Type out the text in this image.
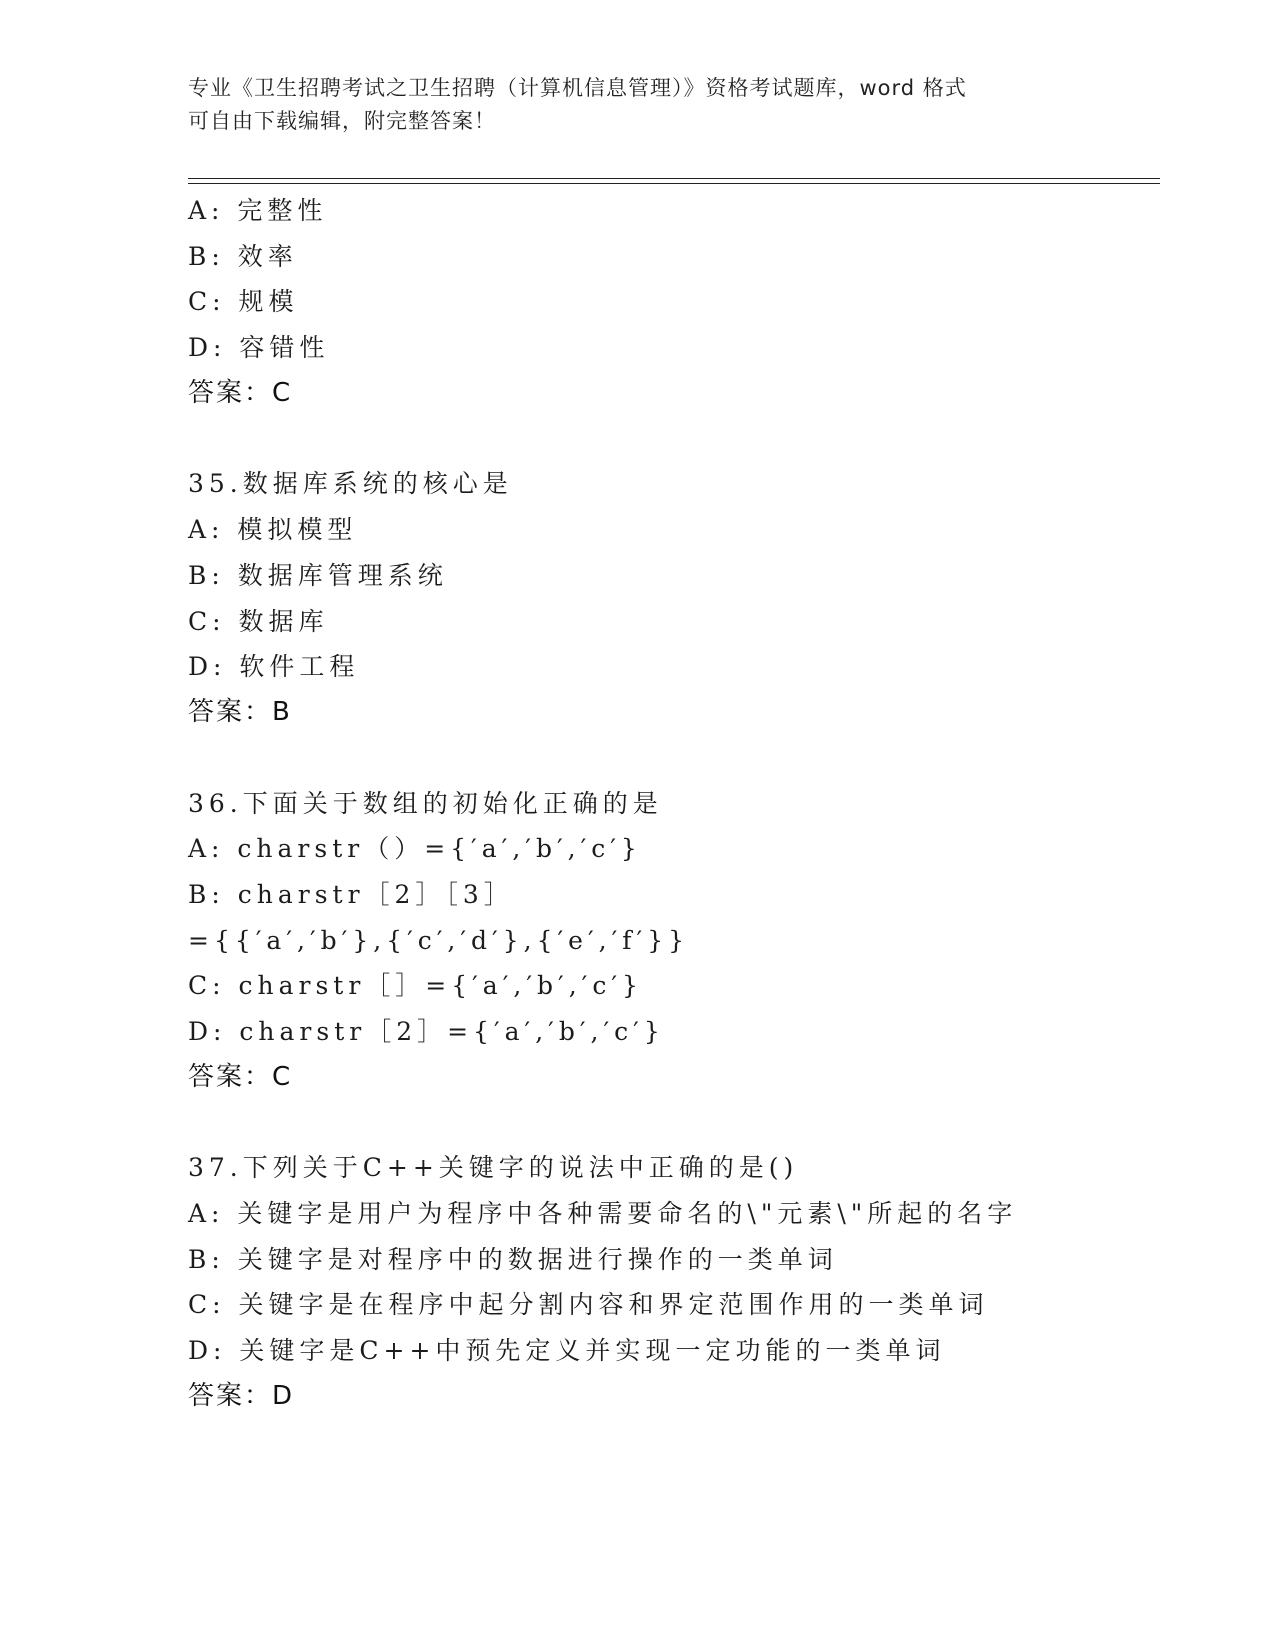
专业《卫生招聘考试之卫生招聘（计算机信息管理）》资格考试题库，word 格式
可自由下载编辑，附完整答案！
A: 完整性
B: 效率
C: 规模
D: 容错性
答案：C
35.数据库系统的核心是
A: 模拟模型
B: 数据库管理系统
C: 数据库
D: 软件工程
答案：B
36.下面关于数组的初始化正确的是
A: charstr（）={′a′,′b′,′c′}
B: charstr［2］［3］
={{′a′,′b′},{′c′,′d′},{′e′,′f′}}
C: charstr［］={′a′,′b′,′c′}
D: charstr［2］={′a′,′b′,′c′}
答案：C
37.下列关于C++关键字的说法中正确的是()
A: 关键字是用户为程序中各种需要命名的\"元素\"所起的名字
B: 关键字是对程序中的数据进行操作的一类单词
C: 关键字是在程序中起分割内容和界定范围作用的一类单词
D: 关键字是C++中预先定义并实现一定功能的一类单词
答案：D
